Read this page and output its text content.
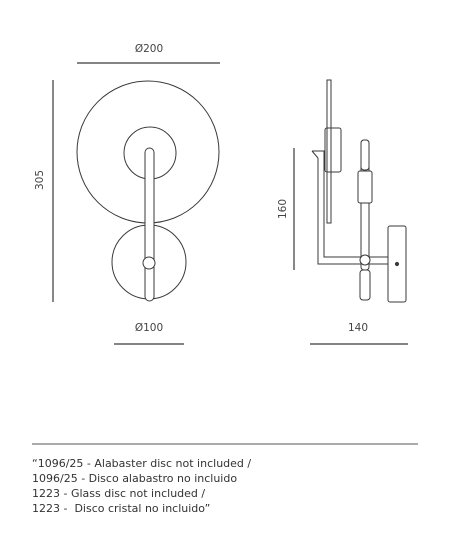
Ø200
305
Ø100
160
140
“1096/25 - Alabaster disc not included /
1096/25 - Disco alabastro no incluido
1223 - Glass disc not included /
1223 -  Disco cristal no incluido”
